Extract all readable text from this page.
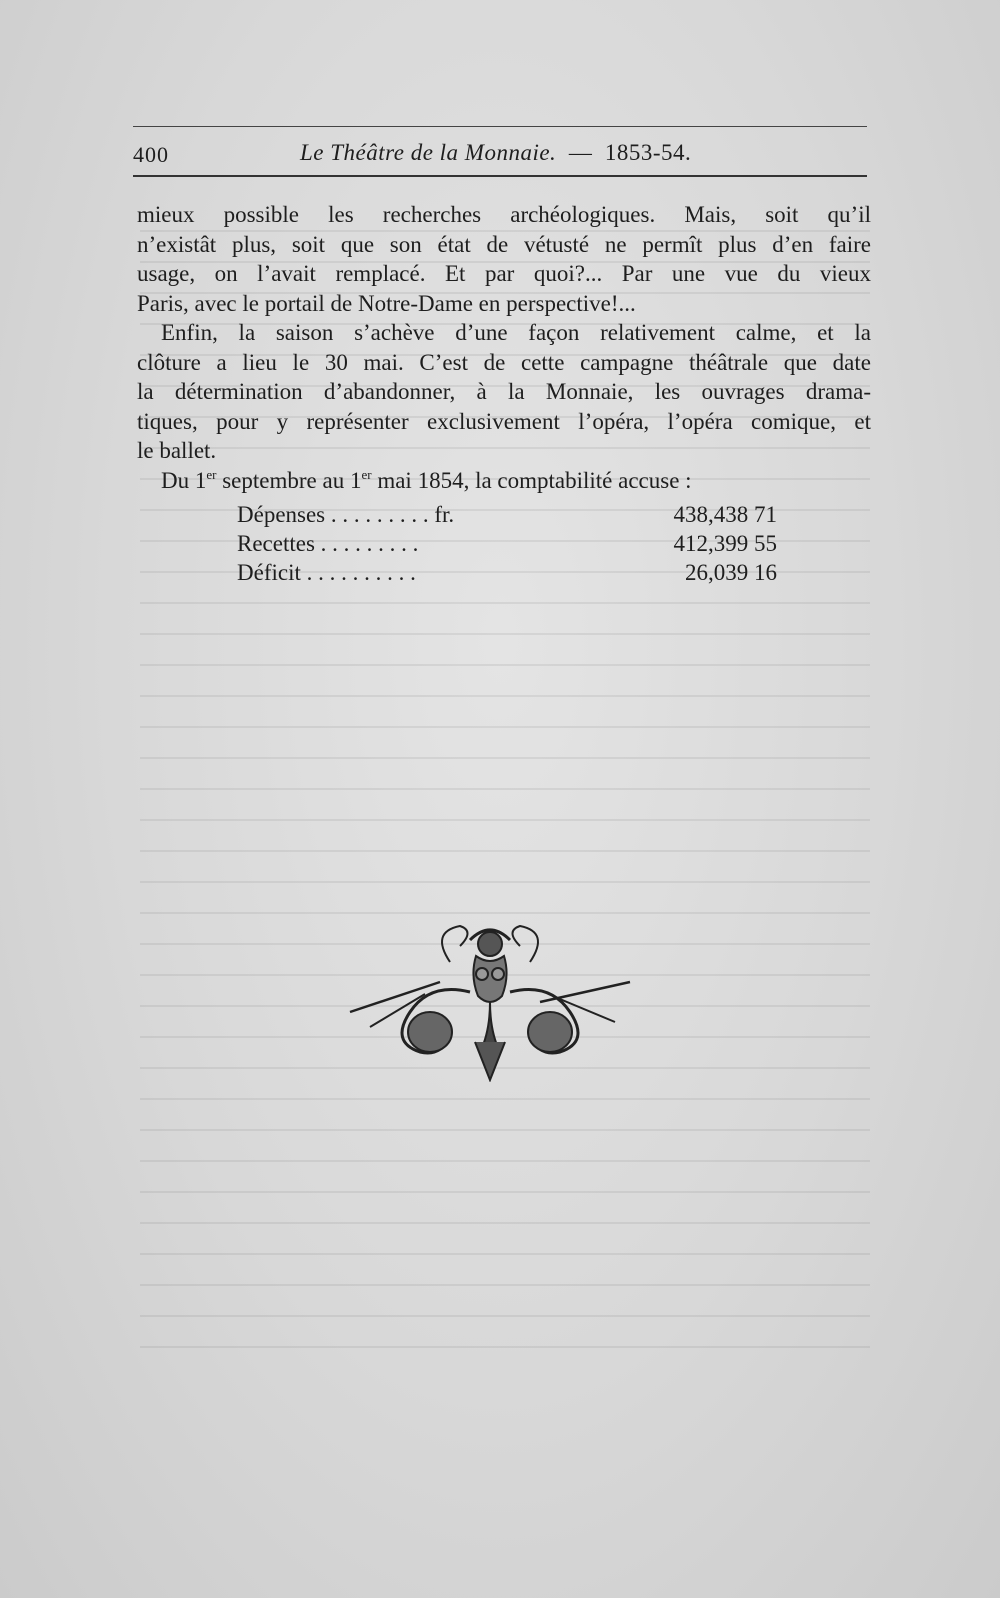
400	Le Théâtre de la Monnaie. — 1853-54.
mieux possible les recherches archéologiques. Mais, soit qu’il
n’existât plus, soit que son état de vétusté ne permît plus d’en faire
usage, on l’avait remplacé. Et par quoi?... Par une vue du vieux
Paris, avec le portail de Notre-Dame en perspective!...
Enfin, la saison s’achève d’une façon relativement calme, et la
clôture a lieu le 30 mai. C’est de cette campagne théâtrale que date
la détermination d’abandonner, à la Monnaie, les ouvrages drama-
tiques, pour y représenter exclusivement l’opéra, l’opéra comique, et
le ballet.
Du 1er septembre au 1er mai 1854, la comptabilité accuse :
Dépenses . . . . . . . . . fr.	438,438 71
Recettes . . . . . . . . .	412,399 55
Déficit . . . . . . . . . .	26,039 16
